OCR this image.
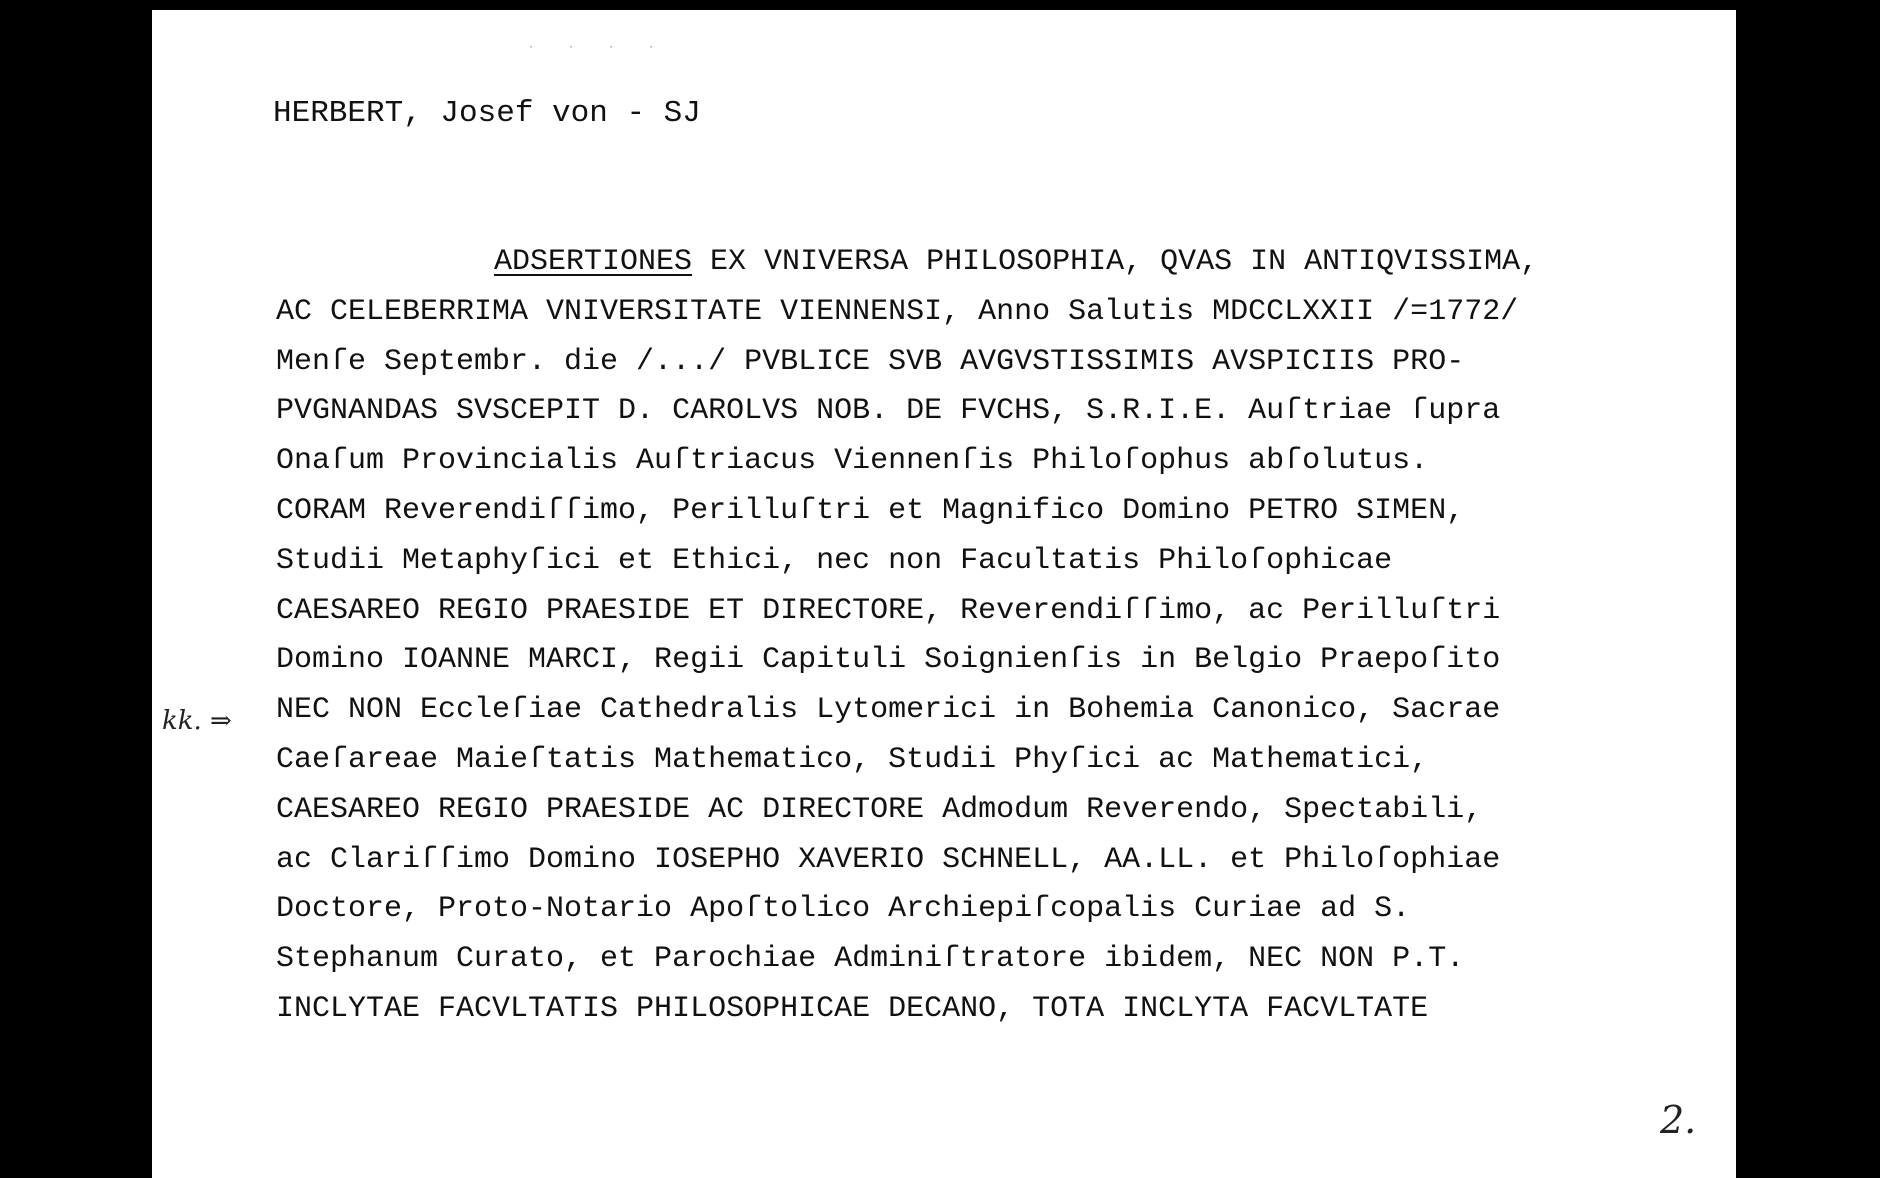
· · · ·
HERBERT, Josef von - SJ
kk. ⇒
ADSERTIONES EX VNIVERSA PHILOSOPHIA, QVAS IN ANTIQVISSIMA,
AC CELEBERRIMA VNIVERSITATE VIENNENSI, Anno Salutis MDCCLXXII /=1772/
Menſe Septembr. die /.../ PVBLICE SVB AVGVSTISSIMIS AVSPICIIS PRO-
PVGNANDAS SVSCEPIT D. CAROLVS NOB. DE FVCHS, S.R.I.E. Auſtriae ſupra
Onaſum Provincialis Auſtriacus Viennenſis Philoſophus abſolutus.
CORAM Reverendiſſimo, Perilluſtri et Magnifico Domino PETRO SIMEN,
Studii Metaphyſici et Ethici, nec non Facultatis Philoſophicae
CAESAREO REGIO PRAESIDE ET DIRECTORE, Reverendiſſimo, ac Perilluſtri
Domino IOANNE MARCI, Regii Capituli Soignienſis in Belgio Praepoſito
NEC NON Eccleſiae Cathedralis Lytomerici in Bohemia Canonico, Sacrae
Caeſareae Maieſtatis Mathematico, Studii Phyſici ac Mathematici,
CAESAREO REGIO PRAESIDE AC DIRECTORE Admodum Reverendo, Spectabili,
ac Clariſſimo Domino IOSEPHO XAVERIO SCHNELL, AA.LL. et Philoſophiae
Doctore, Proto-Notario Apoſtolico Archiepiſcopalis Curiae ad S.
Stephanum Curato, et Parochiae Adminiſtratore ibidem, NEC NON P.T.
INCLYTAE FACVLTATIS PHILOSOPHICAE DECANO, TOTA INCLYTA FACVLTATE
2.
